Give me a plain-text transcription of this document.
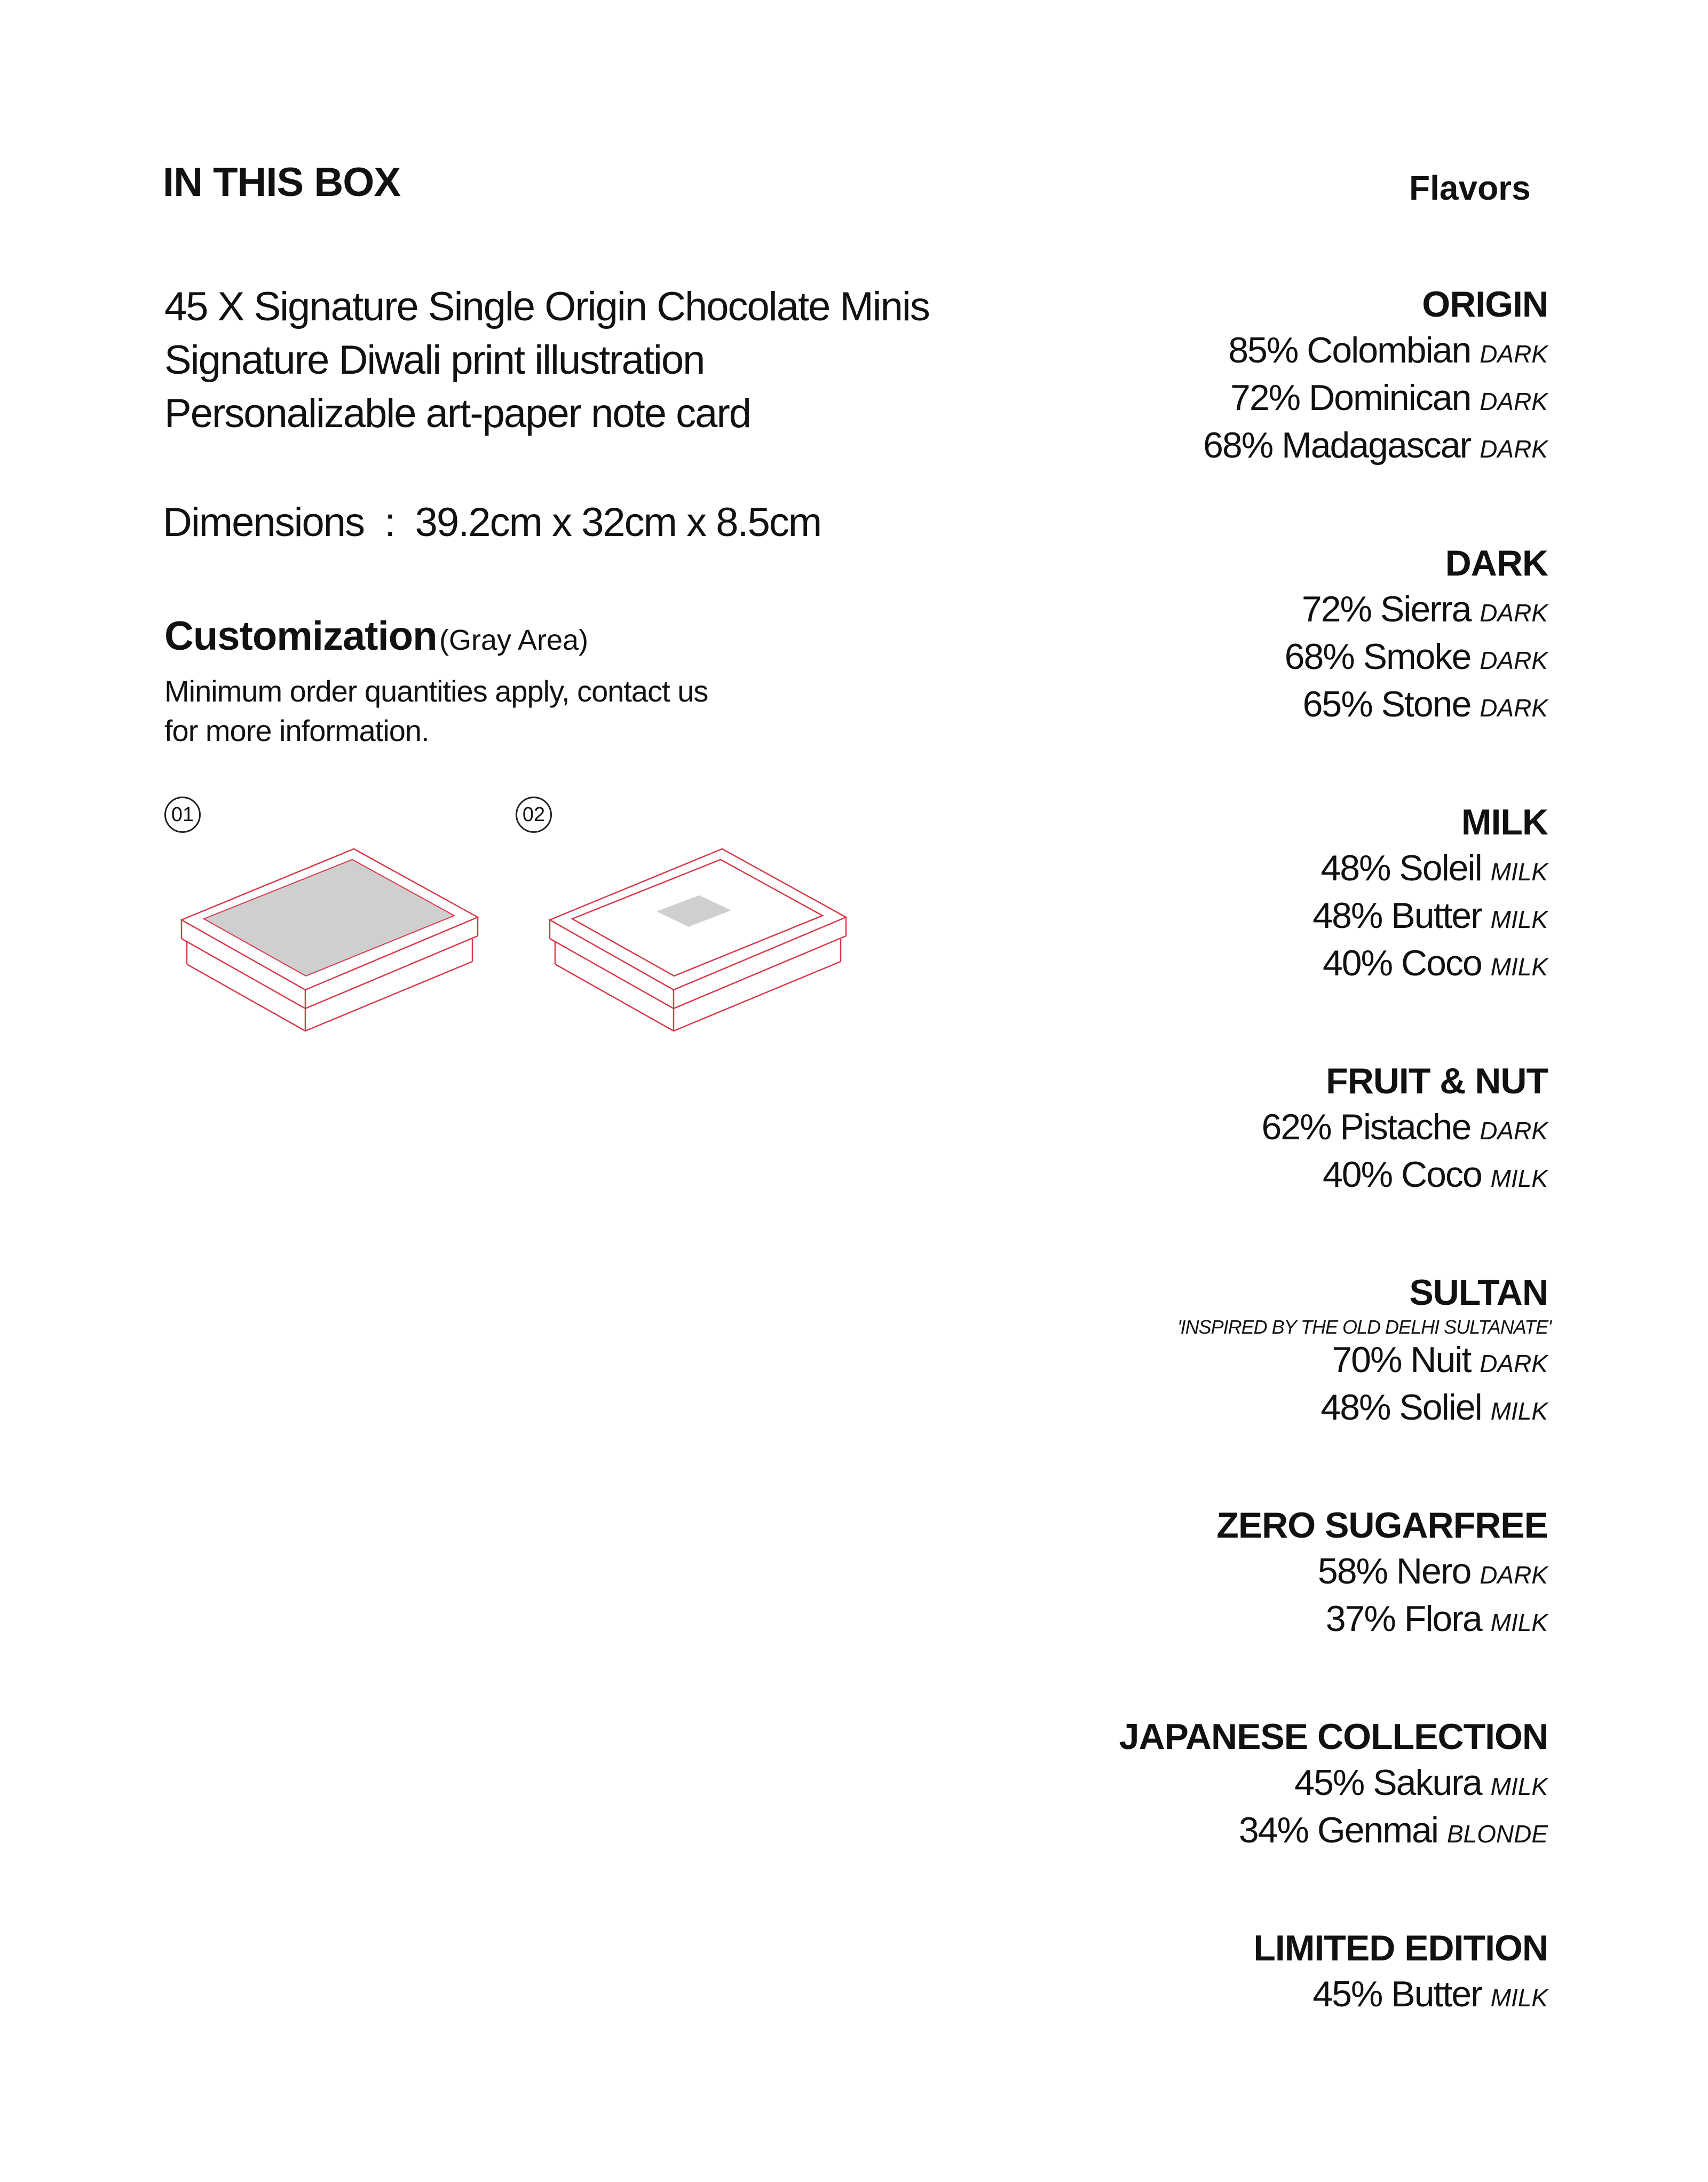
IN THIS BOX
45 X Signature Single Origin Chocolate Minis
Signature Diwali print illustration
Personalizable art-paper note card
Dimensions  :  39.2cm x 32cm x 8.5cm
Customization (Gray Area)
Minimum order quantities apply, contact us
for more information.
01	02
Flavors
ORIGIN
85% Colombian DARK
72% Dominican DARK
68% Madagascar DARK
DARK
72% Sierra DARK
68% Smoke DARK
65% Stone DARK
MILK
48% Soleil MILK
48% Butter MILK
40% Coco MILK
FRUIT & NUT
62% Pistache DARK
40% Coco MILK
SULTAN
'INSPIRED BY THE OLD DELHI SULTANATE'
70% Nuit DARK
48% Soliel MILK
ZERO SUGARFREE
58% Nero DARK
37% Flora MILK
JAPANESE COLLECTION
45% Sakura MILK
34% Genmai BLONDE
LIMITED EDITION
45% Butter MILK
